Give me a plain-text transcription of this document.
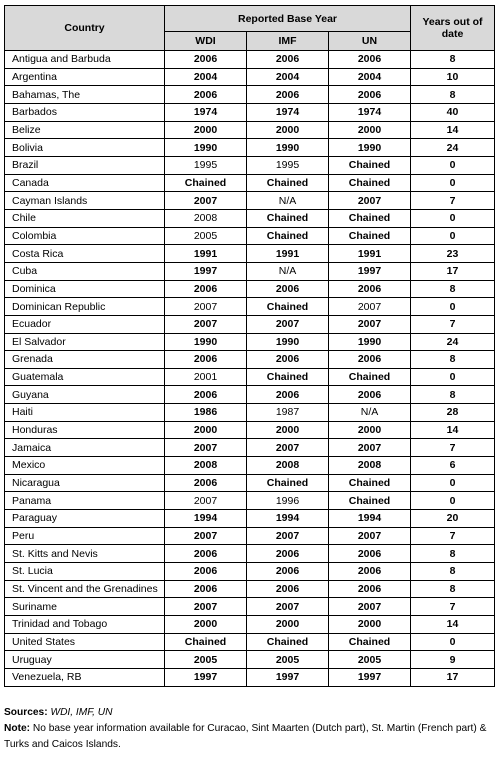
Country	Reported Base Year			Years out of date
	WDI	IMF	UN	
Antigua and Barbuda	2006	2006	2006	8
Argentina	2004	2004	2004	10
Bahamas, The	2006	2006	2006	8
Barbados	1974	1974	1974	40
Belize	2000	2000	2000	14
Bolivia	1990	1990	1990	24
Brazil	1995	1995	Chained	0
Canada	Chained	Chained	Chained	0
Cayman Islands	2007	N/A	2007	7
Chile	2008	Chained	Chained	0
Colombia	2005	Chained	Chained	0
Costa Rica	1991	1991	1991	23
Cuba	1997	N/A	1997	17
Dominica	2006	2006	2006	8
Dominican Republic	2007	Chained	2007	0
Ecuador	2007	2007	2007	7
El Salvador	1990	1990	1990	24
Grenada	2006	2006	2006	8
Guatemala	2001	Chained	Chained	0
Guyana	2006	2006	2006	8
Haiti	1986	1987	N/A	28
Honduras	2000	2000	2000	14
Jamaica	2007	2007	2007	7
Mexico	2008	2008	2008	6
Nicaragua	2006	Chained	Chained	0
Panama	2007	1996	Chained	0
Paraguay	1994	1994	1994	20
Peru	2007	2007	2007	7
St. Kitts and Nevis	2006	2006	2006	8
St. Lucia	2006	2006	2006	8
St. Vincent and the Grenadines	2006	2006	2006	8
Suriname	2007	2007	2007	7
Trinidad and Tobago	2000	2000	2000	14
United States	Chained	Chained	Chained	0
Uruguay	2005	2005	2005	9
Venezuela, RB	1997	1997	1997	17
Sources: WDI, IMF, UN
Note: No base year information available for Curacao, Sint Maarten (Dutch part), St. Martin (French part) & Turks and Caicos Islands.
